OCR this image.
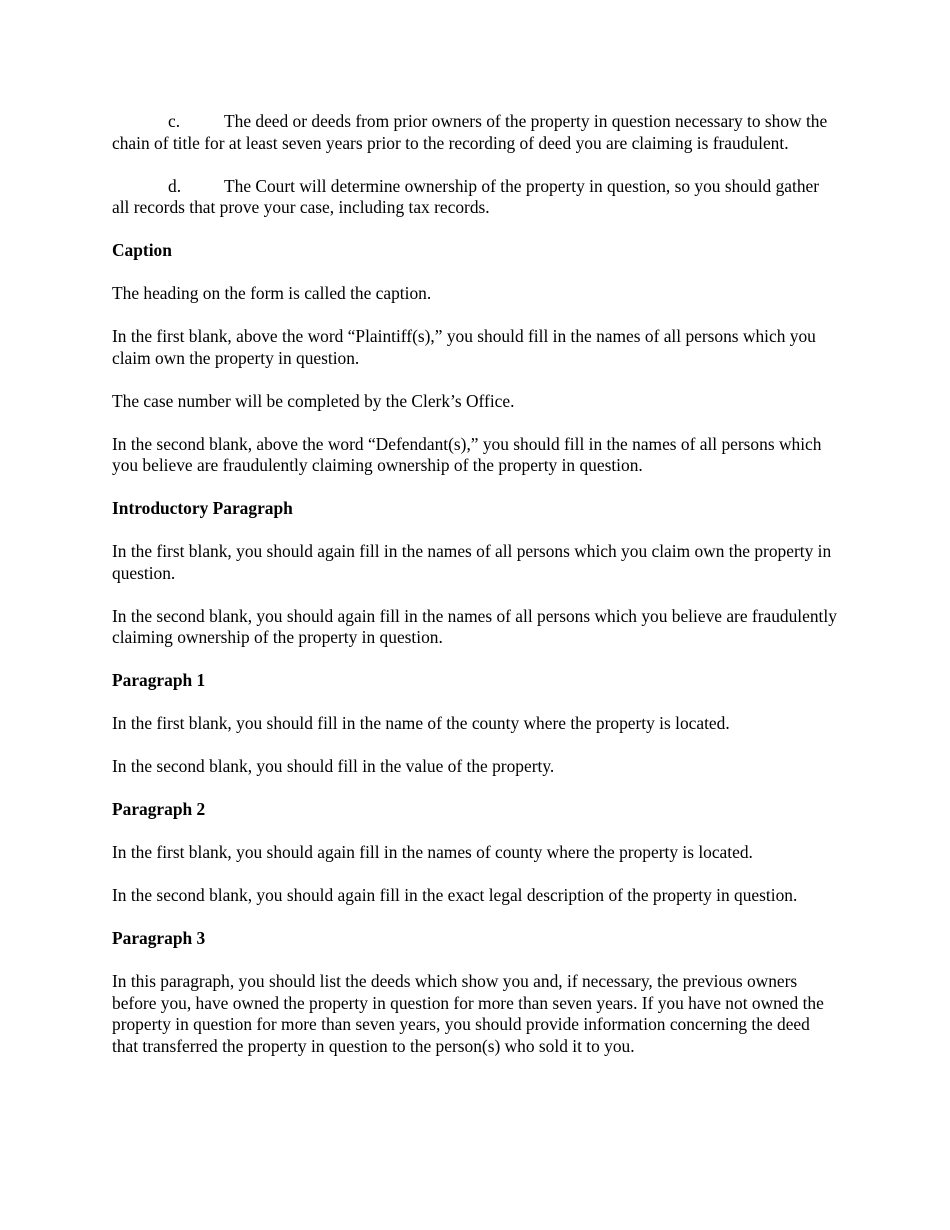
c.	The deed or deeds from prior owners of the property in question necessary to show the chain of title for at least seven years prior to the recording of deed you are claiming is fraudulent.

d. The Court will determine ownership of the property in question, so you should gather all records that prove your case, including tax records.

Caption

The heading on the form is called the caption.

In the first blank, above the word “Plaintiff(s),” you should fill in the names of all persons which you claim own the property in question.

The case number will be completed by the Clerk’s Office.

In the second blank, above the word “Defendant(s),” you should fill in the names of all persons which you believe are fraudulently claiming ownership of the property in question.

Introductory Paragraph

In the first blank, you should again fill in the names of all persons which you claim own the property in question.

In the second blank, you should again fill in the names of all persons which you believe are fraudulently claiming ownership of the property in question.

Paragraph 1

In the first blank, you should fill in the name of the county where the property is located.

In the second blank, you should fill in the value of the property.

Paragraph 2

In the first blank, you should again fill in the names of county where the property is located.

In the second blank, you should again fill in the exact legal description of the property in question.

Paragraph 3

In this paragraph, you should list the deeds which show you and, if necessary, the previous owners before you, have owned the property in question for more than seven years. If you have not owned the property in question for more than seven years, you should provide information concerning the deed that transferred the property in question to the person(s) who sold it to you.
